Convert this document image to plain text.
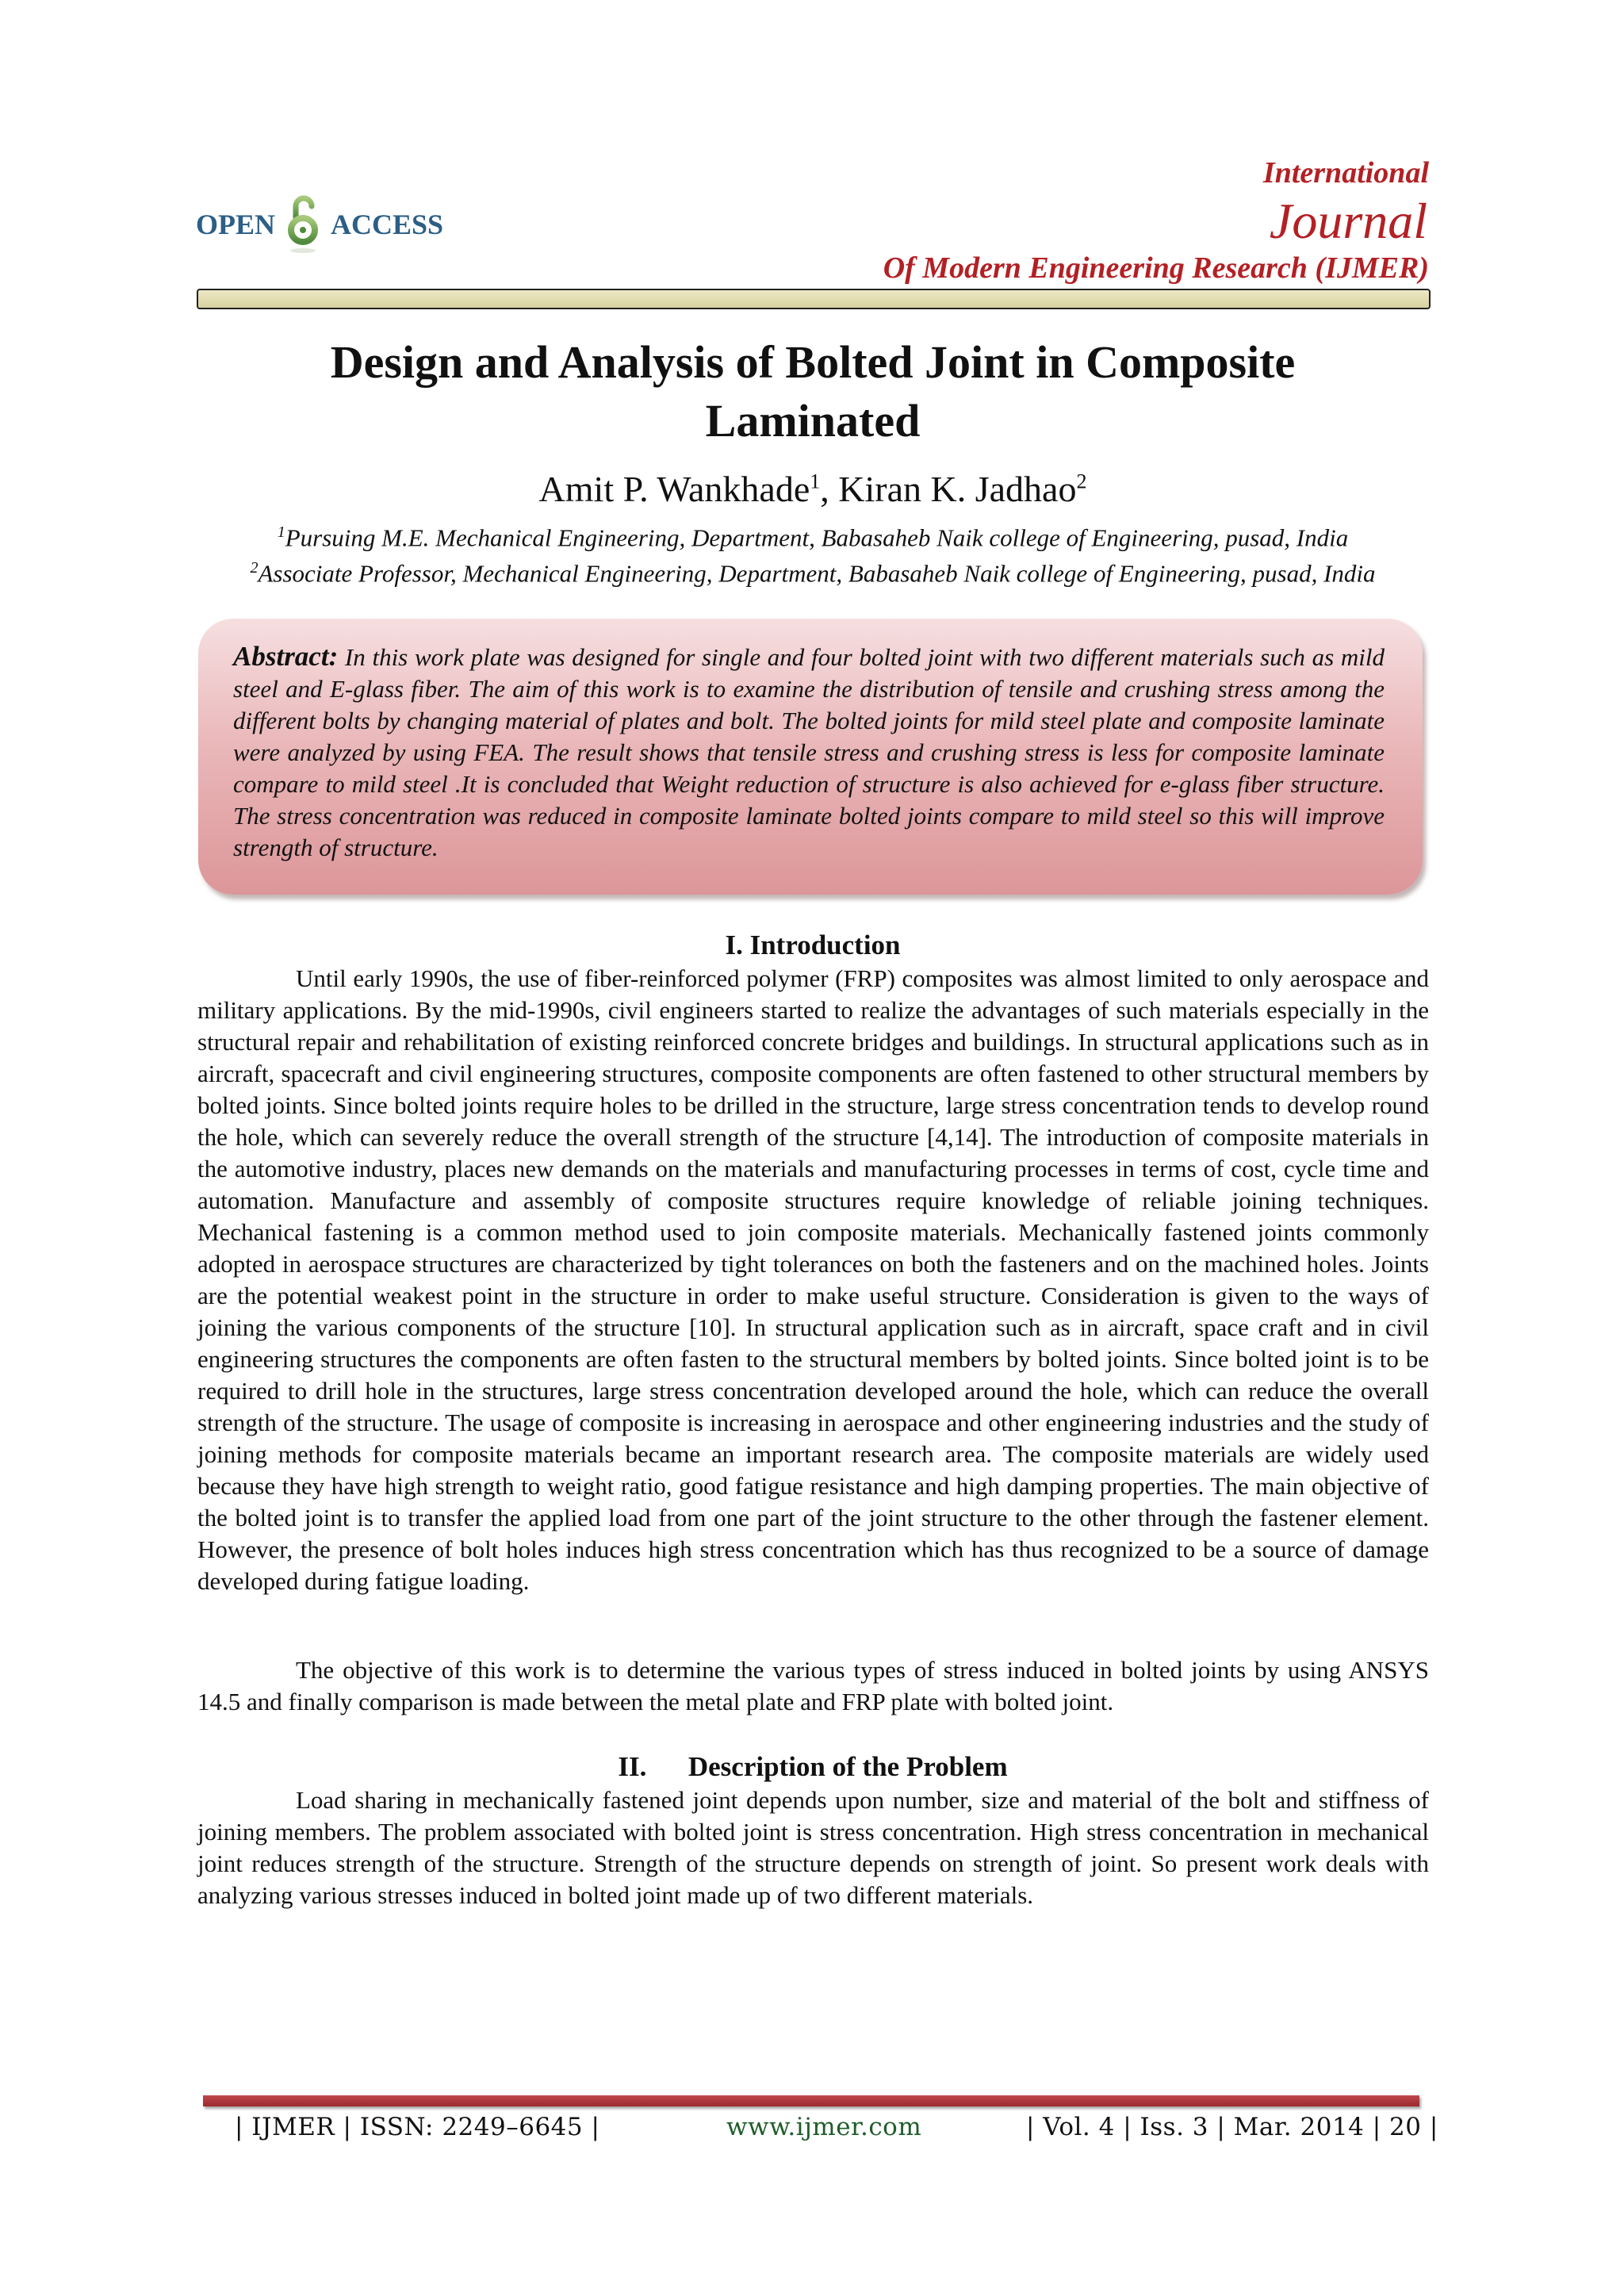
OPEN ACCESS
International
Journal
Of Modern Engineering Research (IJMER)
Design and Analysis of Bolted Joint in Composite Laminated
Amit P. Wankhade$^1$, Kiran K. Jadhao$^2$
$^1$Pursuing M.E. Mechanical Engineering, Department, Babasaheb Naik college of Engineering, pusad, India
$^2$Associate Professor, Mechanical Engineering, Department, Babasaheb Naik college of Engineering, pusad, India
Abstract: In this work plate was designed for single and four bolted joint with two different materials such as mild steel and E-glass fiber. The aim of this work is to examine the distribution of tensile and crushing stress among the different bolts by changing material of plates and bolt. The bolted joints for mild steel plate and composite laminate were analyzed by using FEA. The result shows that tensile stress and crushing stress is less for composite laminate compare to mild steel .It is concluded that Weight reduction of structure is also achieved for e-glass fiber structure. The stress concentration was reduced in composite laminate bolted joints compare to mild steel so this will improve strength of structure.
I. Introduction
Until early 1990s, the use of fiber-reinforced polymer (FRP) composites was almost limited to only aerospace and military applications. By the mid-1990s, civil engineers started to realize the advantages of such materials especially in the structural repair and rehabilitation of existing reinforced concrete bridges and buildings. In structural applications such as in aircraft, spacecraft and civil engineering structures, composite components are often fastened to other structural members by bolted joints. Since bolted joints require holes to be drilled in the structure, large stress concentration tends to develop round the hole, which can severely reduce the overall strength of the structure [4,14]. The introduction of composite materials in the automotive industry, places new demands on the materials and manufacturing processes in terms of cost, cycle time and automation. Manufacture and assembly of composite structures require knowledge of reliable joining techniques. Mechanical fastening is a common method used to join composite materials. Mechanically fastened joints commonly adopted in aerospace structures are characterized by tight tolerances on both the fasteners and on the machined holes. Joints are the potential weakest point in the structure in order to make useful structure. Consideration is given to the ways of joining the various components of the structure [10]. In structural application such as in aircraft, space craft and in civil engineering structures the components are often fasten to the structural members by bolted joints. Since bolted joint is to be required to drill hole in the structures, large stress concentration developed around the hole, which can reduce the overall strength of the structure. The usage of composite is increasing in aerospace and other engineering industries and the study of joining methods for composite materials became an important research area. The composite materials are widely used because they have high strength to weight ratio, good fatigue resistance and high damping properties. The main objective of the bolted joint is to transfer the applied load from one part of the joint structure to the other through the fastener element. However, the presence of bolt holes induces high stress concentration which has thus recognized to be a source of damage developed during fatigue loading.
The objective of this work is to determine the various types of stress induced in bolted joints by using ANSYS 14.5 and finally comparison is made between the metal plate and FRP plate with bolted joint.
II.      Description of the Problem
Load sharing in mechanically fastened joint depends upon number, size and material of the bolt and stiffness of joining members. The problem associated with bolted joint is stress concentration. High stress concentration in mechanical joint reduces strength of the structure. Strength of the structure depends on strength of joint. So present work deals with analyzing various stresses induced in bolted joint made up of two different materials.
| IJMER | ISSN: 2249–6645 |	www.ijmer.com	| Vol. 4 | Iss. 3 | Mar. 2014 | 20 |
